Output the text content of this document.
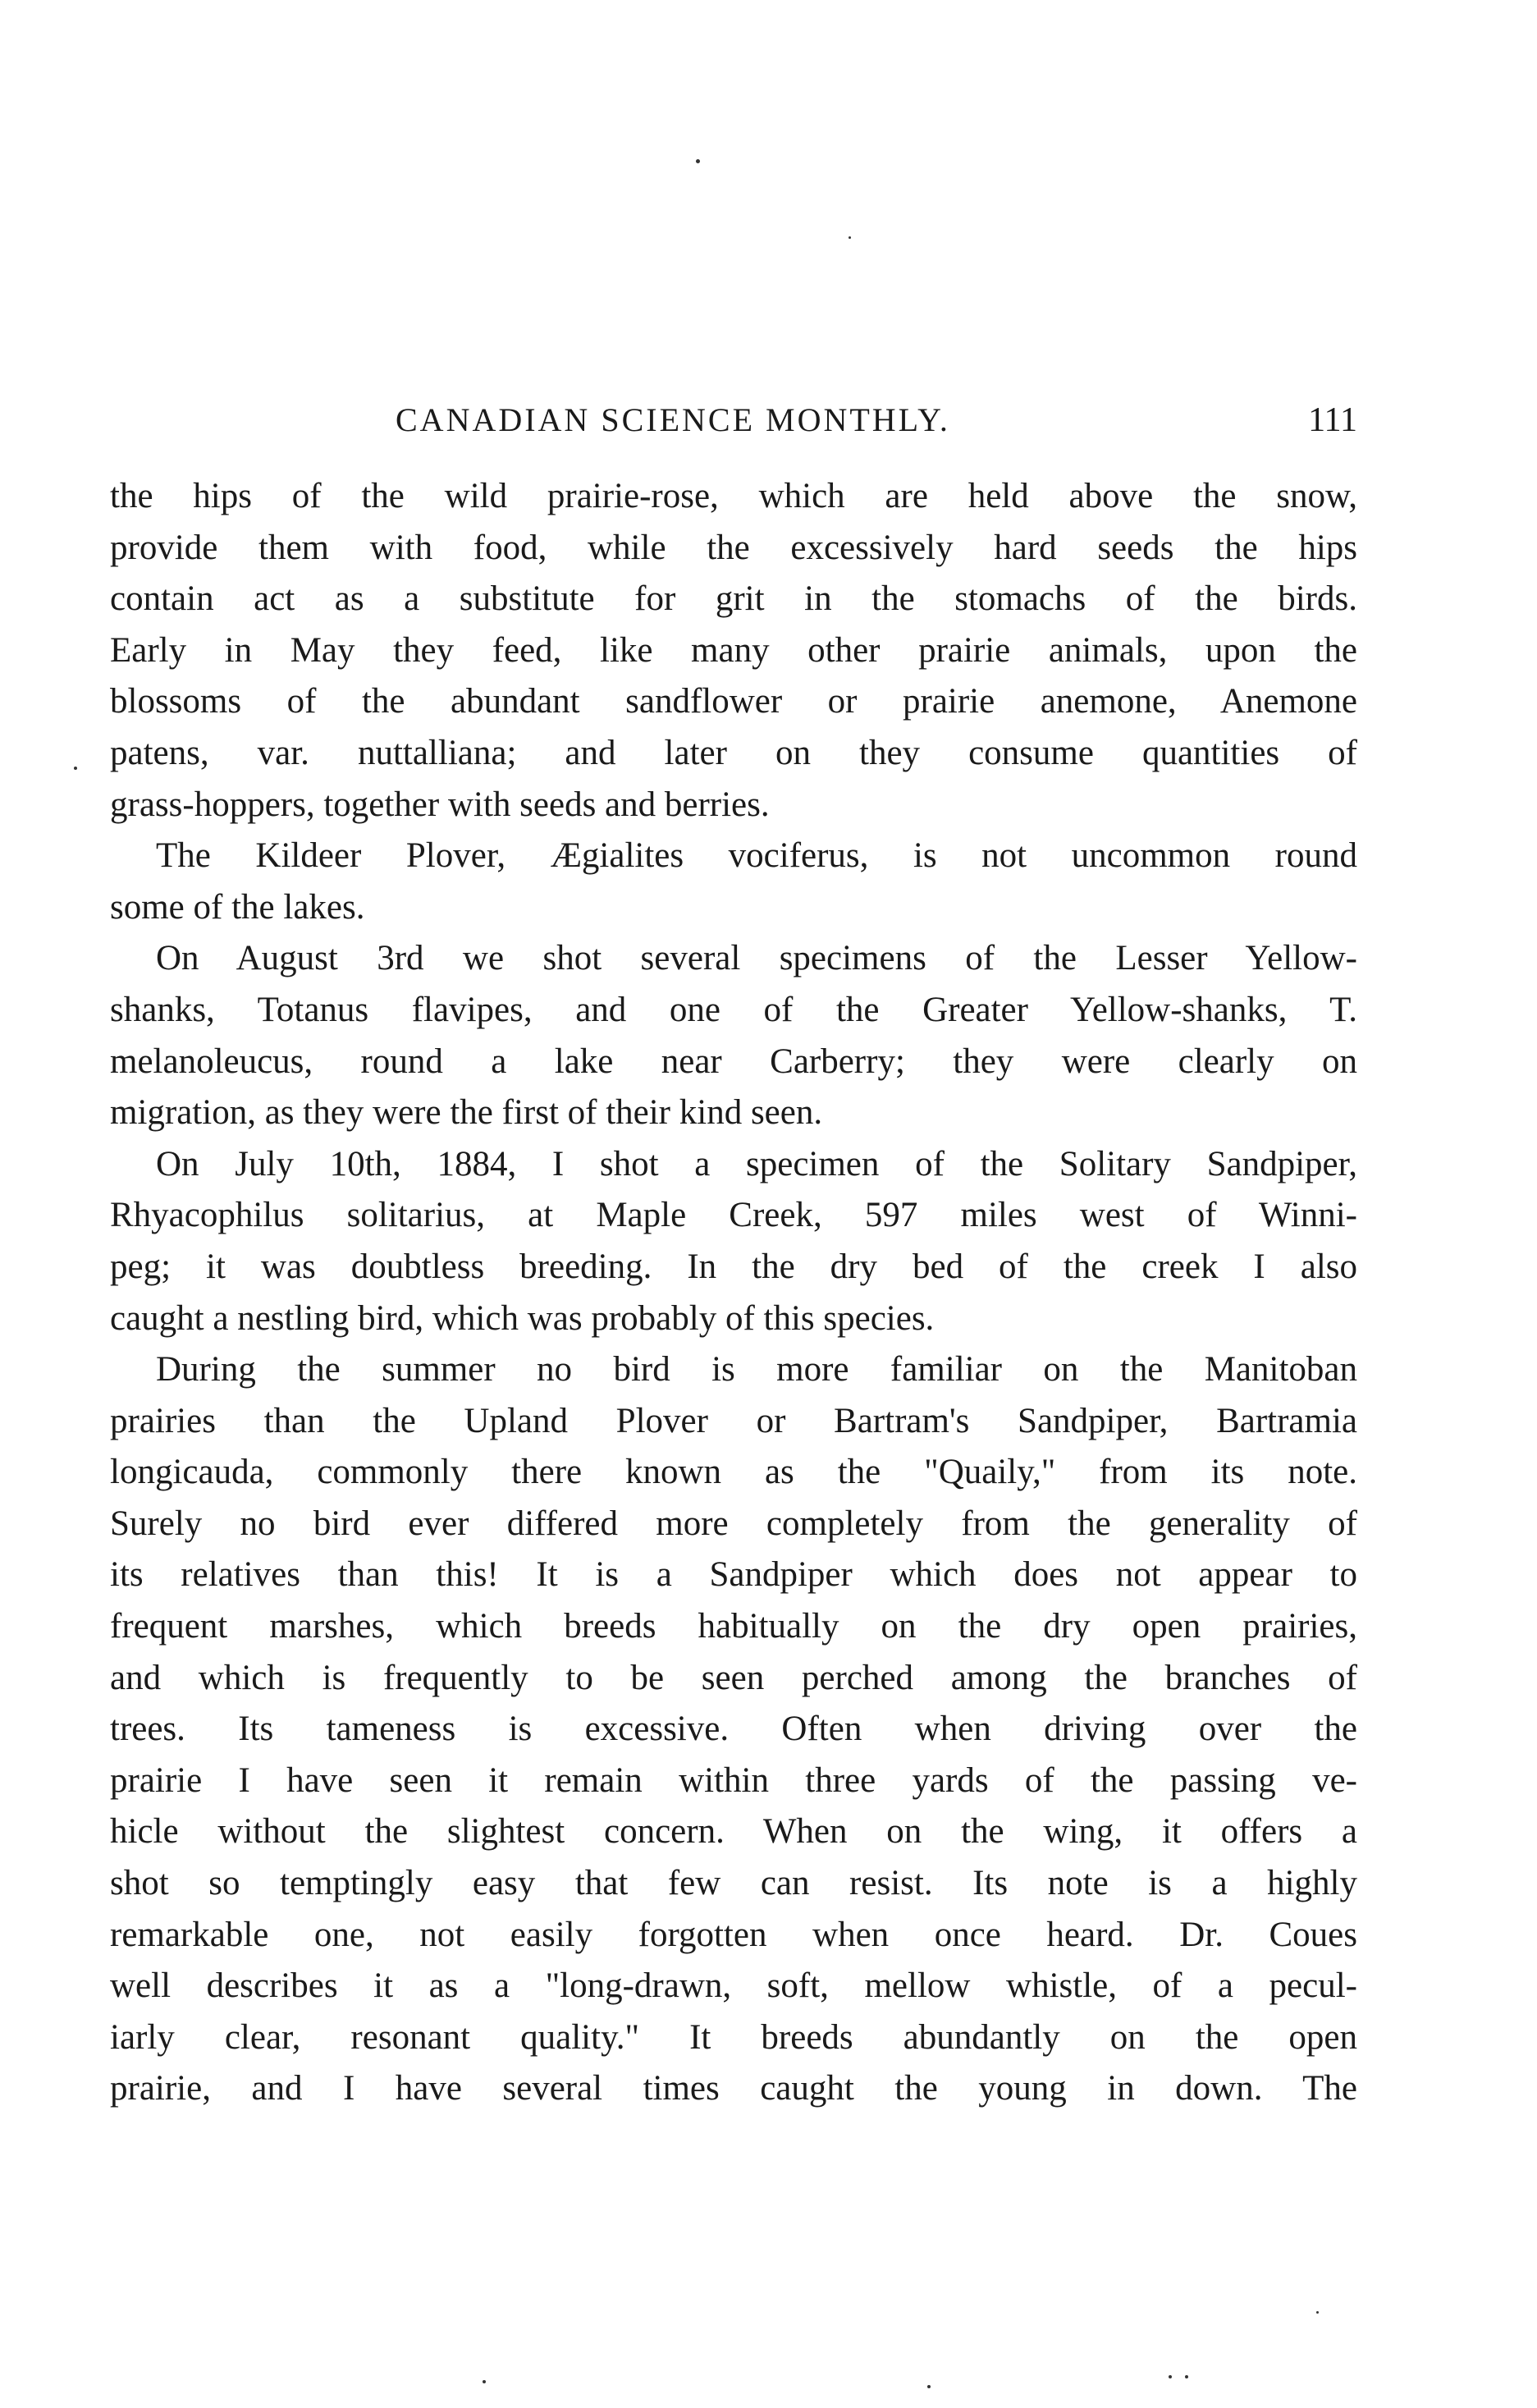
CANADIAN SCIENCE MONTHLY.	111
the hips of the wild prairie-rose, which are held above the snow,
provide them with food, while the excessively hard seeds the hips
contain act as a substitute for grit in the stomachs of the birds.
Early in May they feed, like many other prairie animals, upon the
blossoms of the abundant sandflower or prairie anemone, Anemone
patens, var. nuttalliana; and later on they consume quantities of
grass-hoppers, together with seeds and berries.
The Kildeer Plover, Ægialites vociferus, is not uncommon round
some of the lakes.
On August 3rd we shot several specimens of the Lesser Yellow-
shanks, Totanus flavipes, and one of the Greater Yellow-shanks, T.
melanoleucus, round a lake near Carberry; they were clearly on
migration, as they were the first of their kind seen.
On July 10th, 1884, I shot a specimen of the Solitary Sandpiper,
Rhyacophilus solitarius, at Maple Creek, 597 miles west of Winni-
peg; it was doubtless breeding. In the dry bed of the creek I also
caught a nestling bird, which was probably of this species.
During the summer no bird is more familiar on the Manitoban
prairies than the Upland Plover or Bartram's Sandpiper, Bartramia
longicauda, commonly there known as the "Quaily," from its note.
Surely no bird ever differed more completely from the generality of
its relatives than this! It is a Sandpiper which does not appear to
frequent marshes, which breeds habitually on the dry open prairies,
and which is frequently to be seen perched among the branches of
trees. Its tameness is excessive. Often when driving over the
prairie I have seen it remain within three yards of the passing ve-
hicle without the slightest concern. When on the wing, it offers a
shot so temptingly easy that few can resist. Its note is a highly
remarkable one, not easily forgotten when once heard. Dr. Coues
well describes it as a "long-drawn, soft, mellow whistle, of a pecul-
iarly clear, resonant quality." It breeds abundantly on the open
prairie, and I have several times caught the young in down. The
